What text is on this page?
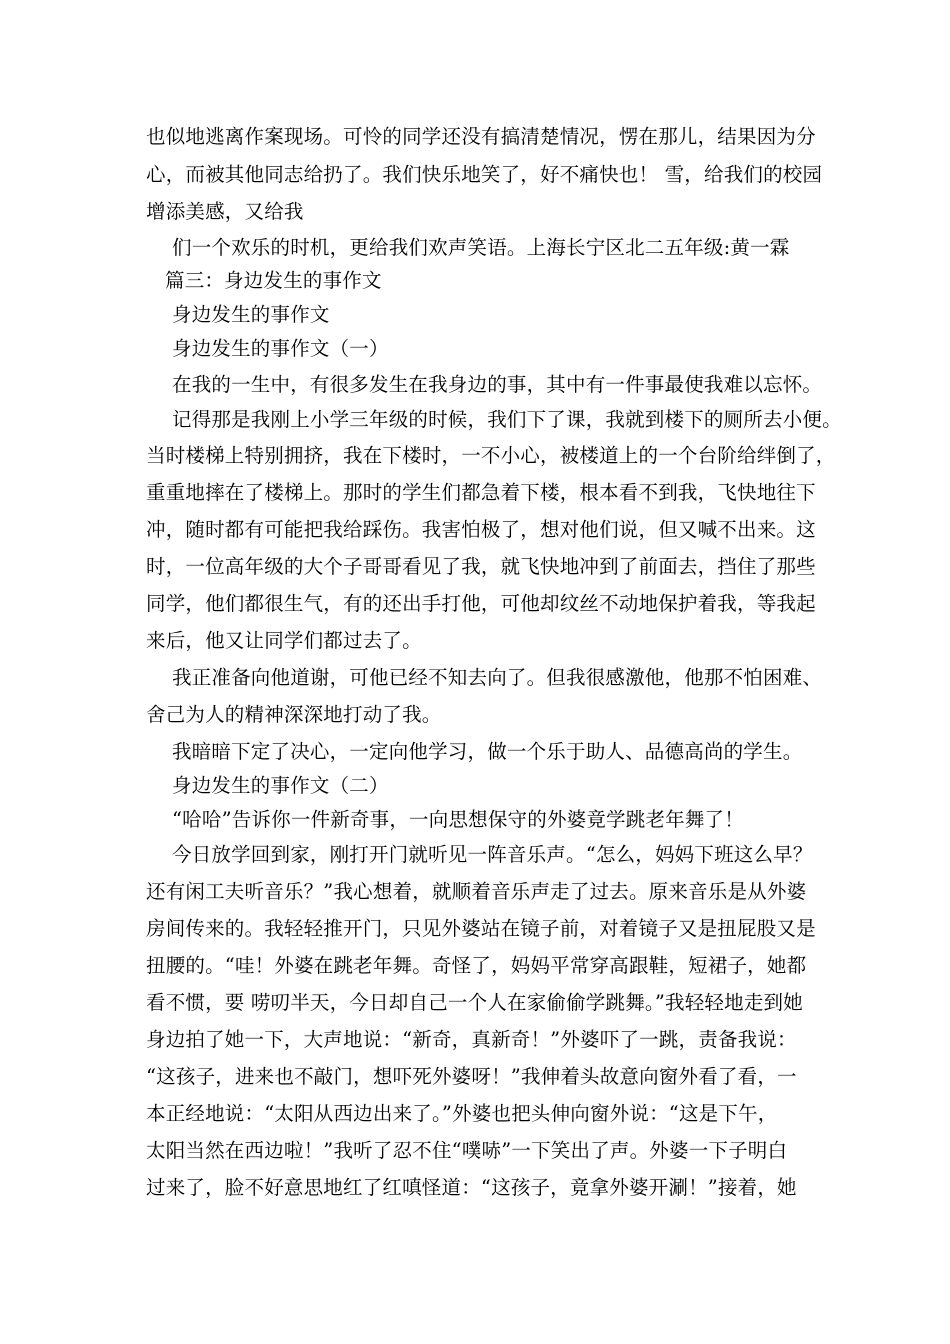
也似地逃离作案现场。可怜的同学还没有搞清楚情况，愣在那儿，结果因为分
心，而被其他同志给扔了。我们快乐地笑了，好不痛快也！ 雪，给我们的校园
增添美感，又给我
们一个欢乐的时机，更给我们欢声笑语。上海长宁区北二五年级:黄一霖
篇三：身边发生的事作文
身边发生的事作文
身边发生的事作文（一）
在我的一生中，有很多发生在我身边的事，其中有一件事最使我难以忘怀。
记得那是我刚上小学三年级的时候，我们下了课，我就到楼下的厕所去小便。
当时楼梯上特别拥挤，我在下楼时，一不小心，被楼道上的一个台阶给绊倒了，
重重地摔在了楼梯上。那时的学生们都急着下楼，根本看不到我，飞快地往下
冲，随时都有可能把我给踩伤。我害怕极了，想对他们说，但又喊不出来。这
时，一位高年级的大个子哥哥看见了我，就飞快地冲到了前面去，挡住了那些
同学，他们都很生气，有的还出手打他，可他却纹丝不动地保护着我，等我起
来后，他又让同学们都过去了。
我正准备向他道谢，可他已经不知去向了。但我很感激他，他那不怕困难、
舍己为人的精神深深地打动了我。
我暗暗下定了决心，一定向他学习，做一个乐于助人、品德高尚的学生。
身边发生的事作文（二）
“哈哈”告诉你一件新奇事，一向思想保守的外婆竟学跳老年舞了！
今日放学回到家，刚打开门就听见一阵音乐声。“怎么，妈妈下班这么早？
还有闲工夫听音乐？”我心想着，就顺着音乐声走了过去。原来音乐是从外婆
房间传来的。我轻轻推开门，只见外婆站在镜子前，对着镜子又是扭屁股又是
扭腰的。“哇！外婆在跳老年舞。奇怪了，妈妈平常穿高跟鞋，短裙子，她都
看不惯，要 唠叨半天，今日却自己一个人在家偷偷学跳舞。”我轻轻地走到她
身边拍了她一下，大声地说：“新奇，真新奇！”外婆吓了一跳，责备我说：
“这孩子，进来也不敲门，想吓死外婆呀！”我伸着头故意向窗外看了看，一
本正经地说：“太阳从西边出来了。”外婆也把头伸向窗外说：“这是下午，
太阳当然在西边啦！”我听了忍不住“噗哧”一下笑出了声。外婆一下子明白
过来了，脸不好意思地红了红嗔怪道：“这孩子，竟拿外婆开涮！”接着，她
